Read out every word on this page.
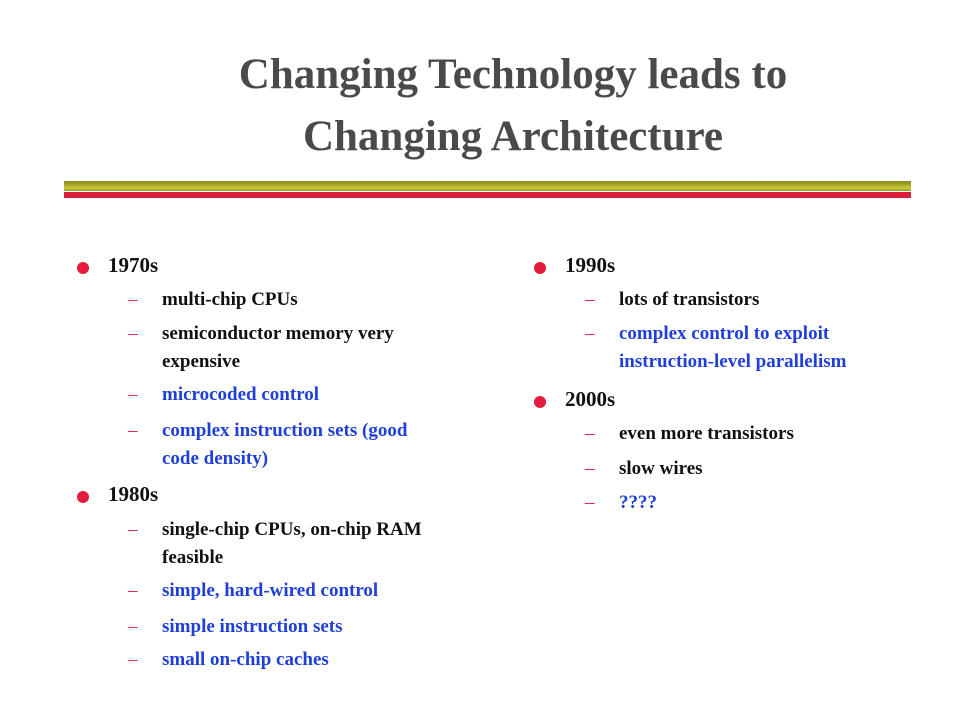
Changing Technology leads to
Changing Architecture
1970s
– multi-chip CPUs
– semiconductor memory very
expensive
– microcoded control
– complex instruction sets (good
code density)
1980s
– single-chip CPUs, on-chip RAM
feasible
– simple, hard-wired control
– simple instruction sets
– small on-chip caches
1990s
– lots of transistors
– complex control to exploit
instruction-level parallelism
2000s
– even more transistors
– slow wires
– ????
